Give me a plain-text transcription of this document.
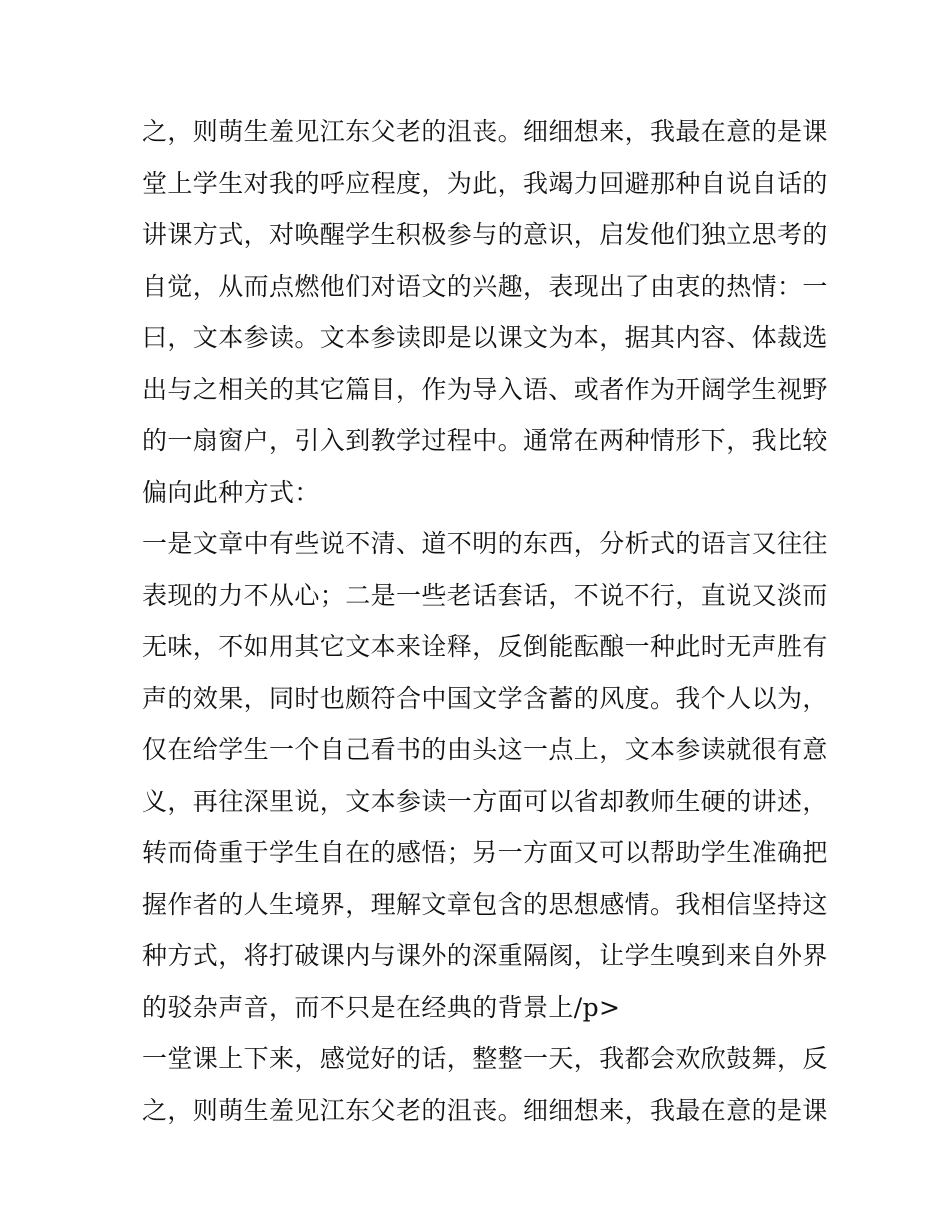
之，则萌生羞见江东父老的沮丧。细细想来，我最在意的是课
堂上学生对我的呼应程度，为此，我竭力回避那种自说自话的
讲课方式，对唤醒学生积极参与的意识，启发他们独立思考的
自觉，从而点燃他们对语文的兴趣，表现出了由衷的热情：一
曰，文本参读。文本参读即是以课文为本，据其内容、体裁选
出与之相关的其它篇目，作为导入语、或者作为开阔学生视野
的一扇窗户，引入到教学过程中。通常在两种情形下，我比较
偏向此种方式：
一是文章中有些说不清、道不明的东西，分析式的语言又往往
表现的力不从心；二是一些老话套话，不说不行，直说又淡而
无味，不如用其它文本来诠释，反倒能酝酿一种此时无声胜有
声的效果，同时也颇符合中国文学含蓄的风度。我个人以为，
仅在给学生一个自己看书的由头这一点上，文本参读就很有意
义，再往深里说，文本参读一方面可以省却教师生硬的讲述，
转而倚重于学生自在的感悟；另一方面又可以帮助学生准确把
握作者的人生境界，理解文章包含的思想感情。我相信坚持这
种方式，将打破课内与课外的深重隔阂，让学生嗅到来自外界
的驳杂声音，而不只是在经典的背景上/p>
一堂课上下来，感觉好的话，整整一天，我都会欢欣鼓舞，反
之，则萌生羞见江东父老的沮丧。细细想来，我最在意的是课
